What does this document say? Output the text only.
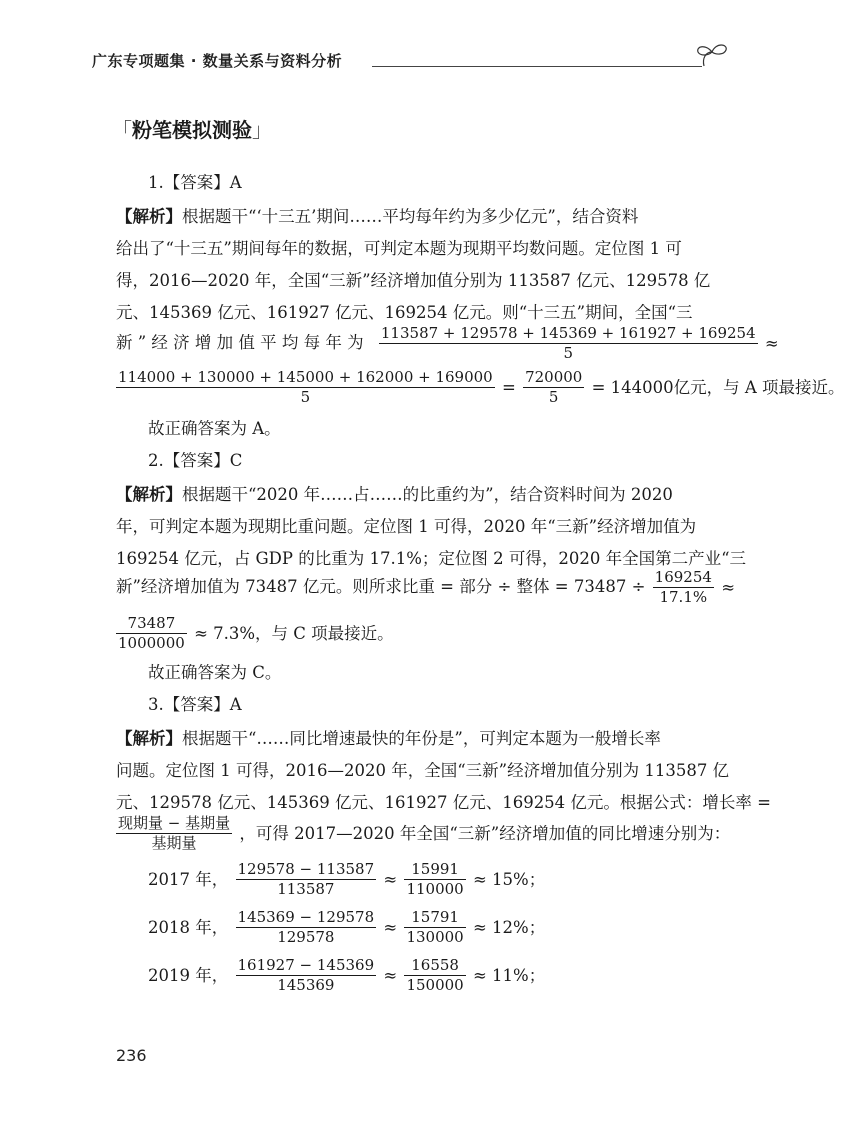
广东专项题集 · 数量关系与资料分析
「粉笔模拟测验」
1.【答案】A
【解析】根据题干“‘十三五’期间……平均每年约为多少亿元”，结合资料
给出了“十三五”期间每年的数据，可判定本题为现期平均数问题。定位图 1 可
得，2016—2020 年，全国“三新”经济增加值分别为 113587 亿元、129578 亿
元、145369 亿元、161927 亿元、169254 亿元。则“十三五”期间，全国“三
新 ” 经 济 增 加 值 平 均 每 年 为 $\frac{113587 + 129578 + 145369 + 161927 + 169254}{5}$ ≈
$\frac{114000 + 130000 + 145000 + 162000 + 169000}{5} = \frac{720000}{5} = 144000$亿元，与 A 项最接近。
故正确答案为 A。
2.【答案】C
【解析】根据题干“2020 年……占……的比重约为”，结合资料时间为 2020
年，可判定本题为现期比重问题。定位图 1 可得，2020 年“三新”经济增加值为
169254 亿元，占 GDP 的比重为 17.1%；定位图 2 可得，2020 年全国第二产业“三
新”经济增加值为 73487 亿元。则所求比重 = 部分 ÷ 整体 = $73487 \div \frac{169254}{17.1\%}$ ≈
$\frac{73487}{1000000} \approx 7.3\%$，与 C 项最接近。
故正确答案为 C。
3.【答案】A
【解析】根据题干“……同比增速最快的年份是”，可判定本题为一般增长率
问题。定位图 1 可得，2016—2020 年，全国“三新”经济增加值分别为 113587 亿
元、129578 亿元、145369 亿元、161927 亿元、169254 亿元。根据公式：增长率 =
$\frac{\text{现期量 − 基期量}}{\text{基期量}}$ ，可得 2017—2020 年全国“三新”经济增加值的同比增速分别为：
2017 年， $\frac{129578 - 113587}{113587} \approx \frac{15991}{110000} \approx 15\%$；
2018 年， $\frac{145369 - 129578}{129578} \approx \frac{15791}{130000} \approx 12\%$；
2019 年， $\frac{161927 - 145369}{145369} \approx \frac{16558}{150000} \approx 11\%$；
236
